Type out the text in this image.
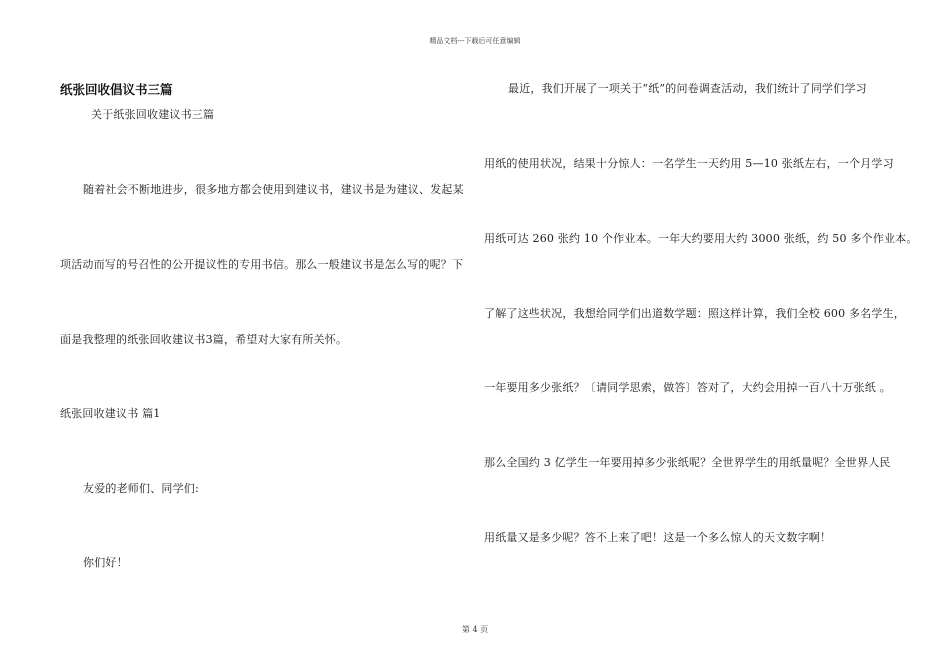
精品文档---下载后可任意编辑
纸张回收倡议书三篇
关于纸张回收建议书三篇
随着社会不断地进步，很多地方都会使用到建议书，建议书是为建议、发起某
项活动而写的号召性的公开提议性的专用书信。那么一般建议书是怎么写的呢？下
面是我整理的纸张回收建议书3篇，希望对大家有所关怀。
纸张回收建议书 篇1
友爱的老师们、同学们:
你们好！
最近，我们开展了一项关于“纸”的问卷调查活动，我们统计了同学们学习
用纸的使用状况，结果十分惊人：一名学生一天约用 5—10 张纸左右，一个月学习
用纸可达 260 张约 10 个作业本。一年大约要用大约 3000 张纸，约 50 多个作业本。
了解了这些状况，我想给同学们出道数学题：照这样计算，我们全校 600 多名学生，
一年要用多少张纸？〔请同学思索，做答〕答对了，大约会用掉一百八十万张纸 。
那么全国约 3 亿学生一年要用掉多少张纸呢？全世界学生的用纸量呢？全世界人民
用纸量又是多少呢？答不上来了吧！这是一个多么惊人的天文数字啊！
第 4 页
